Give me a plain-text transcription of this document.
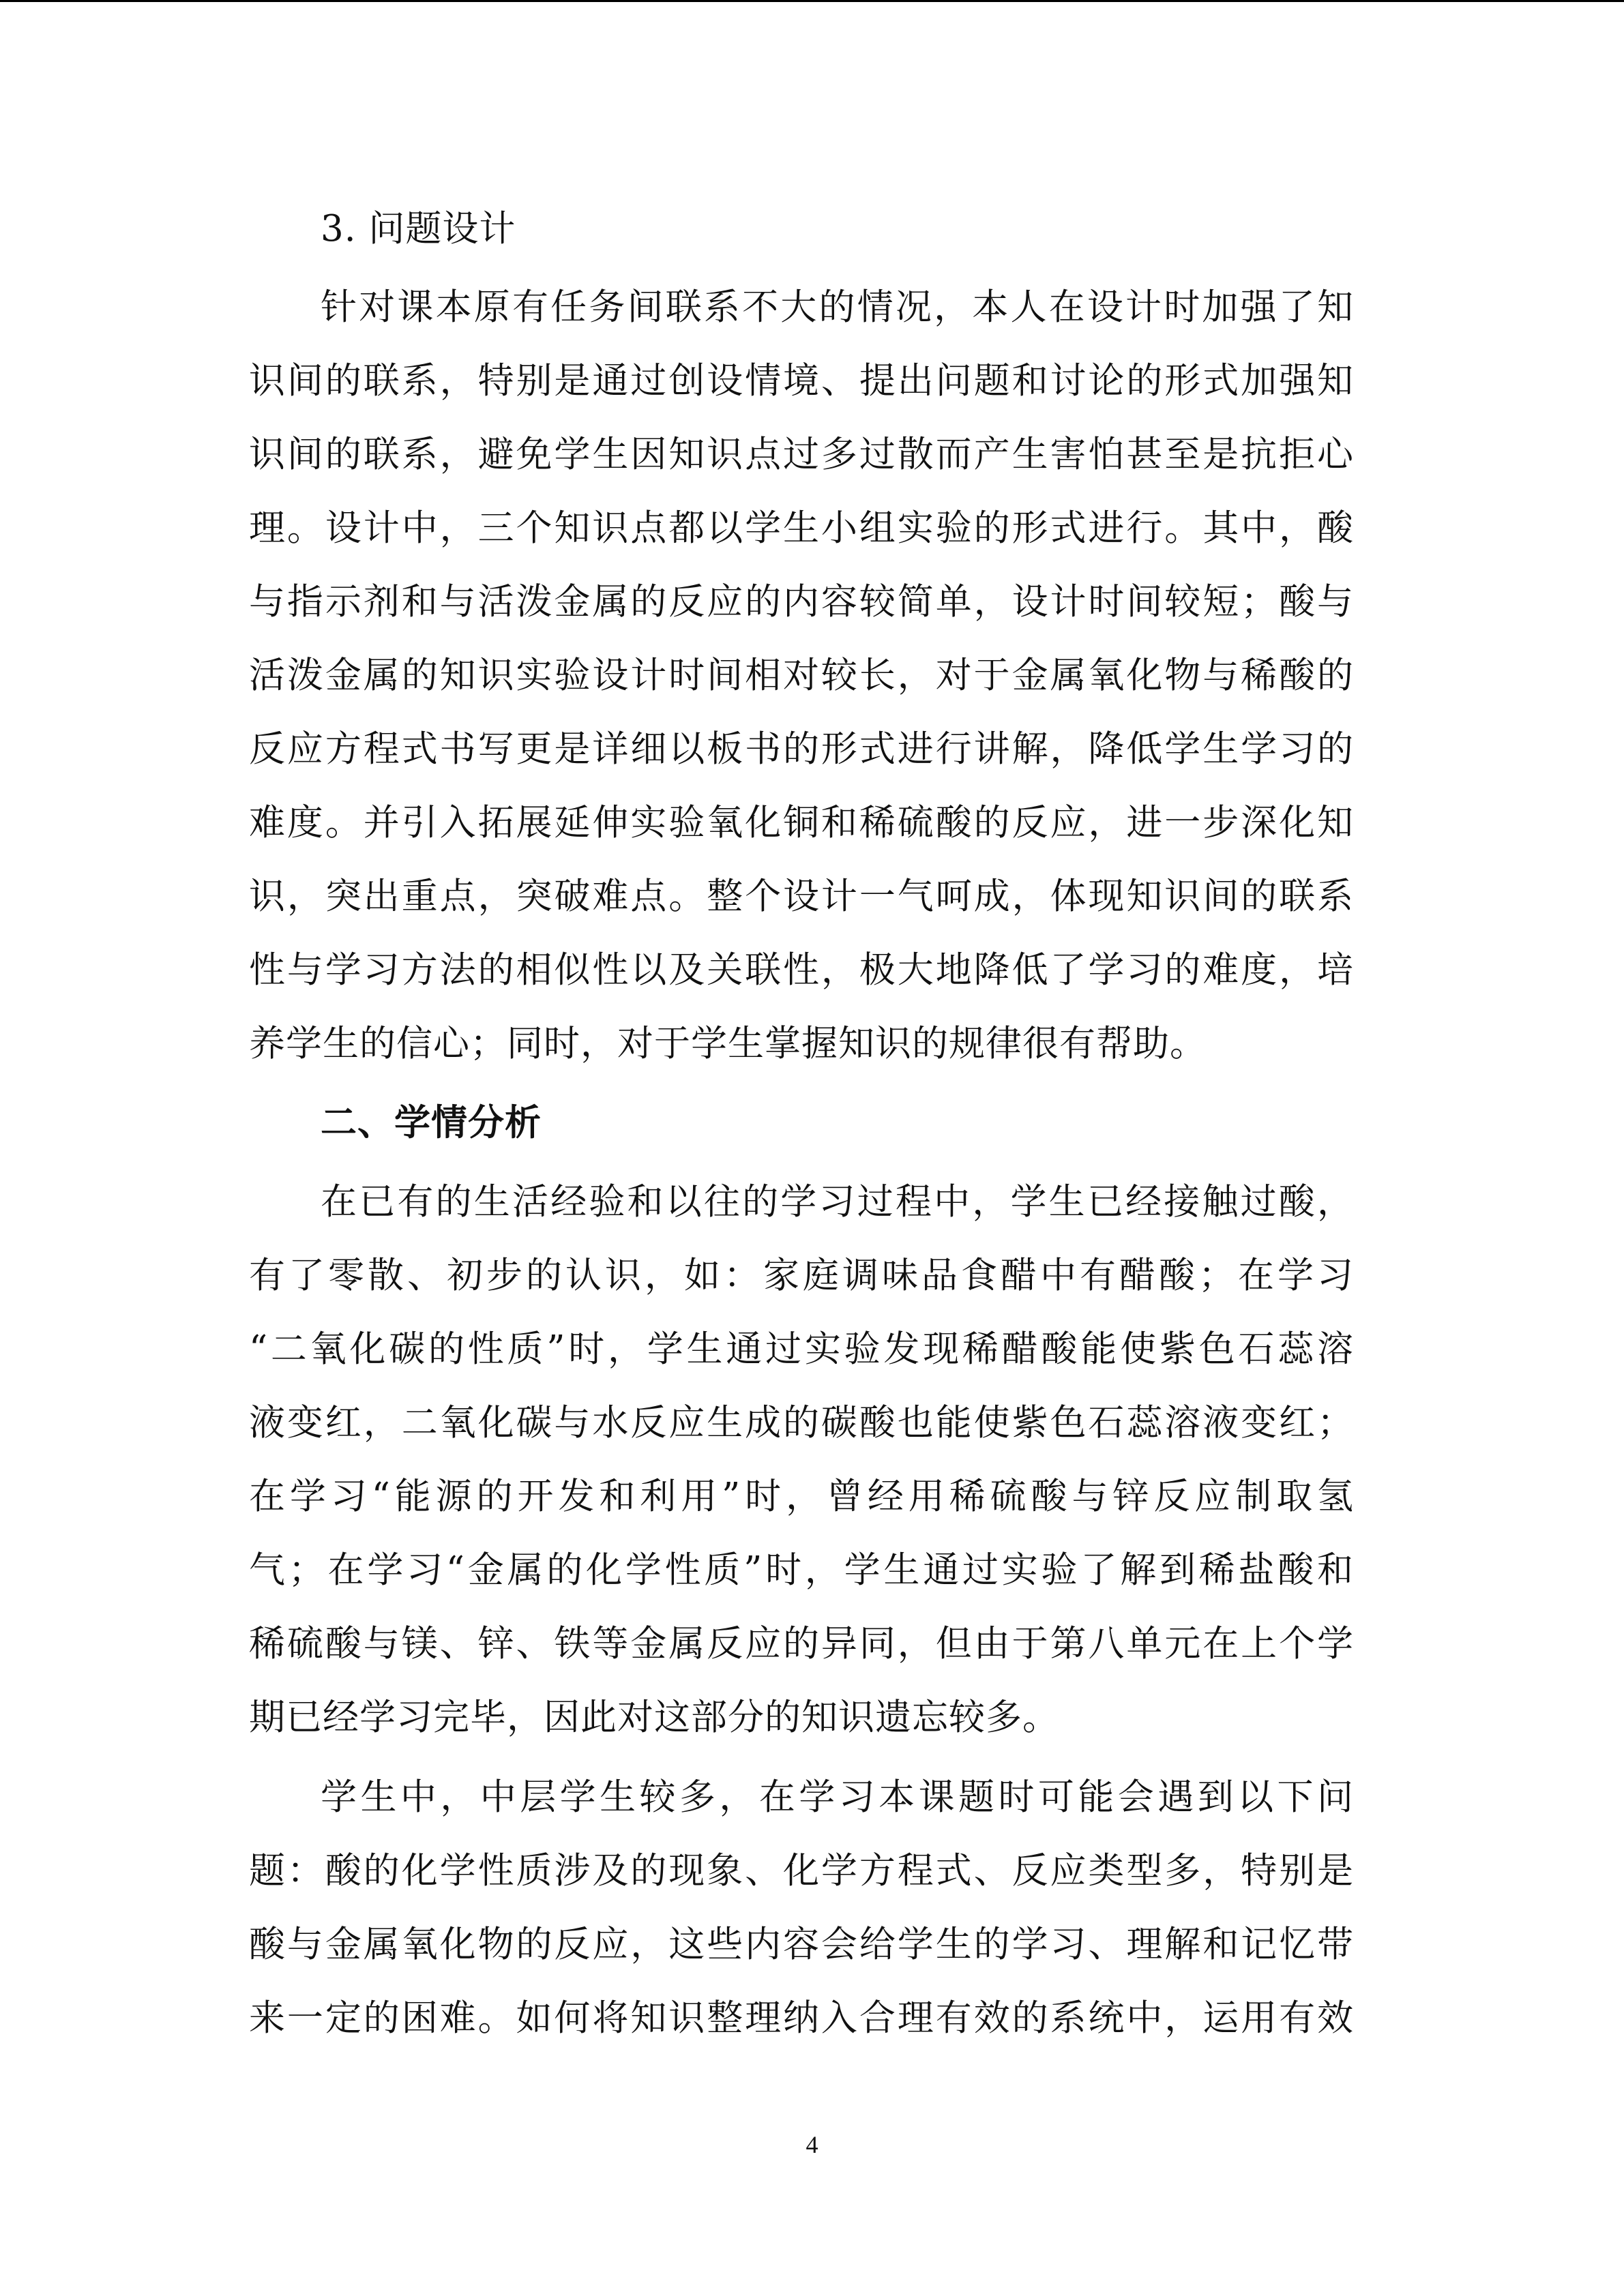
3. 问题设计
针对课本原有任务间联系不大的情况，本人在设计时加强了知
识间的联系，特别是通过创设情境、提出问题和讨论的形式加强知
识间的联系，避免学生因知识点过多过散而产生害怕甚至是抗拒心
理。设计中，三个知识点都以学生小组实验的形式进行。其中，酸
与指示剂和与活泼金属的反应的内容较简单，设计时间较短；酸与
活泼金属的知识实验设计时间相对较长，对于金属氧化物与稀酸的
反应方程式书写更是详细以板书的形式进行讲解，降低学生学习的
难度。并引入拓展延伸实验氧化铜和稀硫酸的反应，进一步深化知
识，突出重点，突破难点。整个设计一气呵成，体现知识间的联系
性与学习方法的相似性以及关联性，极大地降低了学习的难度，培
养学生的信心；同时，对于学生掌握知识的规律很有帮助。
二、学情分析
在已有的生活经验和以往的学习过程中，学生已经接触过酸，
有了零散、初步的认识，如：家庭调味品食醋中有醋酸；在学习
“二氧化碳的性质”时，学生通过实验发现稀醋酸能使紫色石蕊溶
液变红，二氧化碳与水反应生成的碳酸也能使紫色石蕊溶液变红；
在学习“能源的开发和利用”时，曾经用稀硫酸与锌反应制取氢
气；在学习“金属的化学性质”时，学生通过实验了解到稀盐酸和
稀硫酸与镁、锌、铁等金属反应的异同，但由于第八单元在上个学
期已经学习完毕，因此对这部分的知识遗忘较多。
学生中，中层学生较多，在学习本课题时可能会遇到以下问
题：酸的化学性质涉及的现象、化学方程式、反应类型多，特别是
酸与金属氧化物的反应，这些内容会给学生的学习、理解和记忆带
来一定的困难。如何将知识整理纳入合理有效的系统中，运用有效
4
